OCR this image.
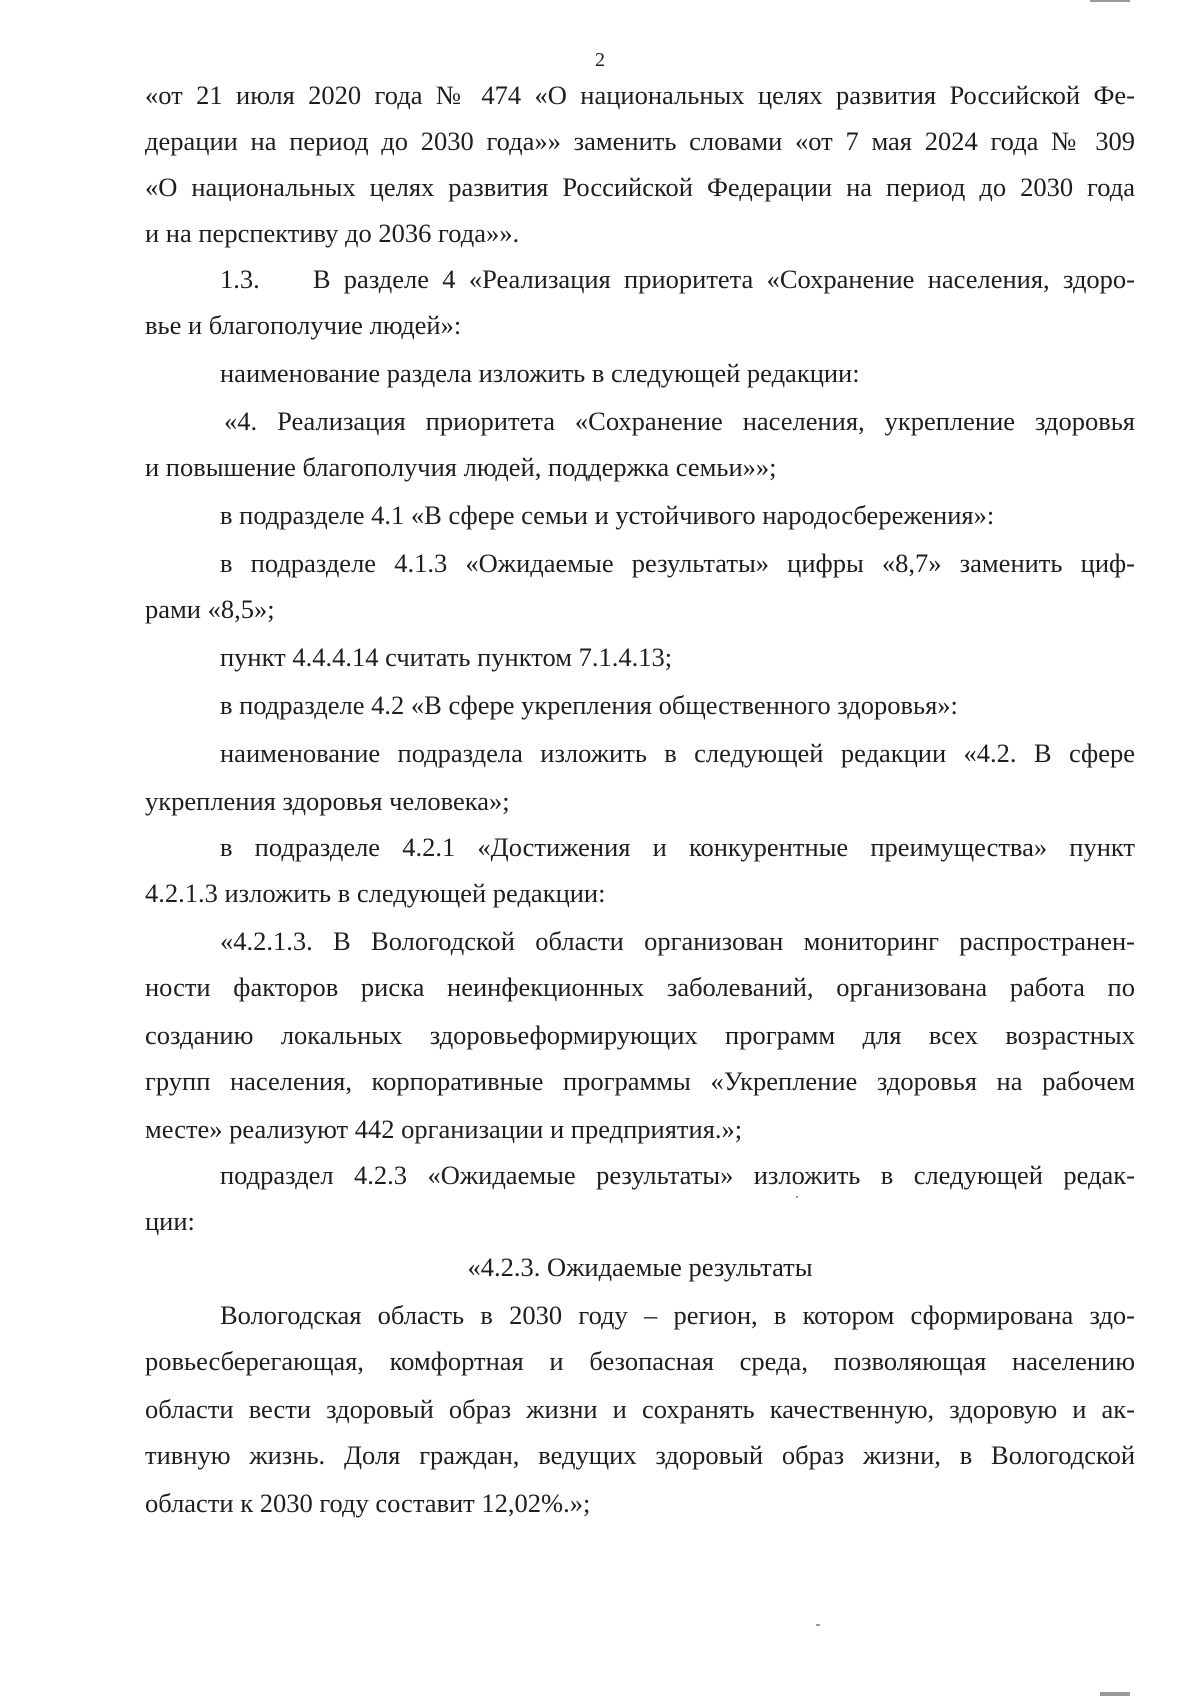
2
«от 21 июля 2020 года № 474 «О национальных целях развития Российской Фе-
дерации на период до 2030 года»» заменить словами «от 7 мая 2024 года № 309
«О национальных целях развития Российской Федерации на период до 2030 года
и на перспективу до 2036 года»».
1.3.    В разделе 4 «Реализация приоритета «Сохранение населения, здоро-
вье и благополучие людей»:
наименование раздела изложить в следующей редакции:
«4. Реализация приоритета «Сохранение населения, укрепление здоровья
и повышение благополучия людей, поддержка семьи»»;
в подразделе 4.1 «В сфере семьи и устойчивого народосбережения»:
в подразделе 4.1.3 «Ожидаемые результаты» цифры «8,7» заменить циф-
рами «8,5»;
пункт 4.4.4.14 считать пунктом 7.1.4.13;
в подразделе 4.2 «В сфере укрепления общественного здоровья»:
наименование подраздела изложить в следующей редакции «4.2. В сфере
укрепления здоровья человека»;
в подразделе 4.2.1 «Достижения и конкурентные преимущества» пункт
4.2.1.3 изложить в следующей редакции:
«4.2.1.3. В Вологодской области организован мониторинг распространен-
ности факторов риска неинфекционных заболеваний, организована работа по
созданию локальных здоровьеформирующих программ для всех возрастных
групп населения, корпоративные программы «Укрепление здоровья на рабочем
месте» реализуют 442 организации и предприятия.»;
подраздел 4.2.3 «Ожидаемые результаты» изложить в следующей редак-
ции:
«4.2.3. Ожидаемые результаты
Вологодская область в 2030 году – регион, в котором сформирована здо-
ровьесберегающая, комфортная и безопасная среда, позволяющая населению
области вести здоровый образ жизни и сохранять качественную, здоровую и ак-
тивную жизнь. Доля граждан, ведущих здоровый образ жизни, в Вологодской
области к 2030 году составит 12,02%.»;
